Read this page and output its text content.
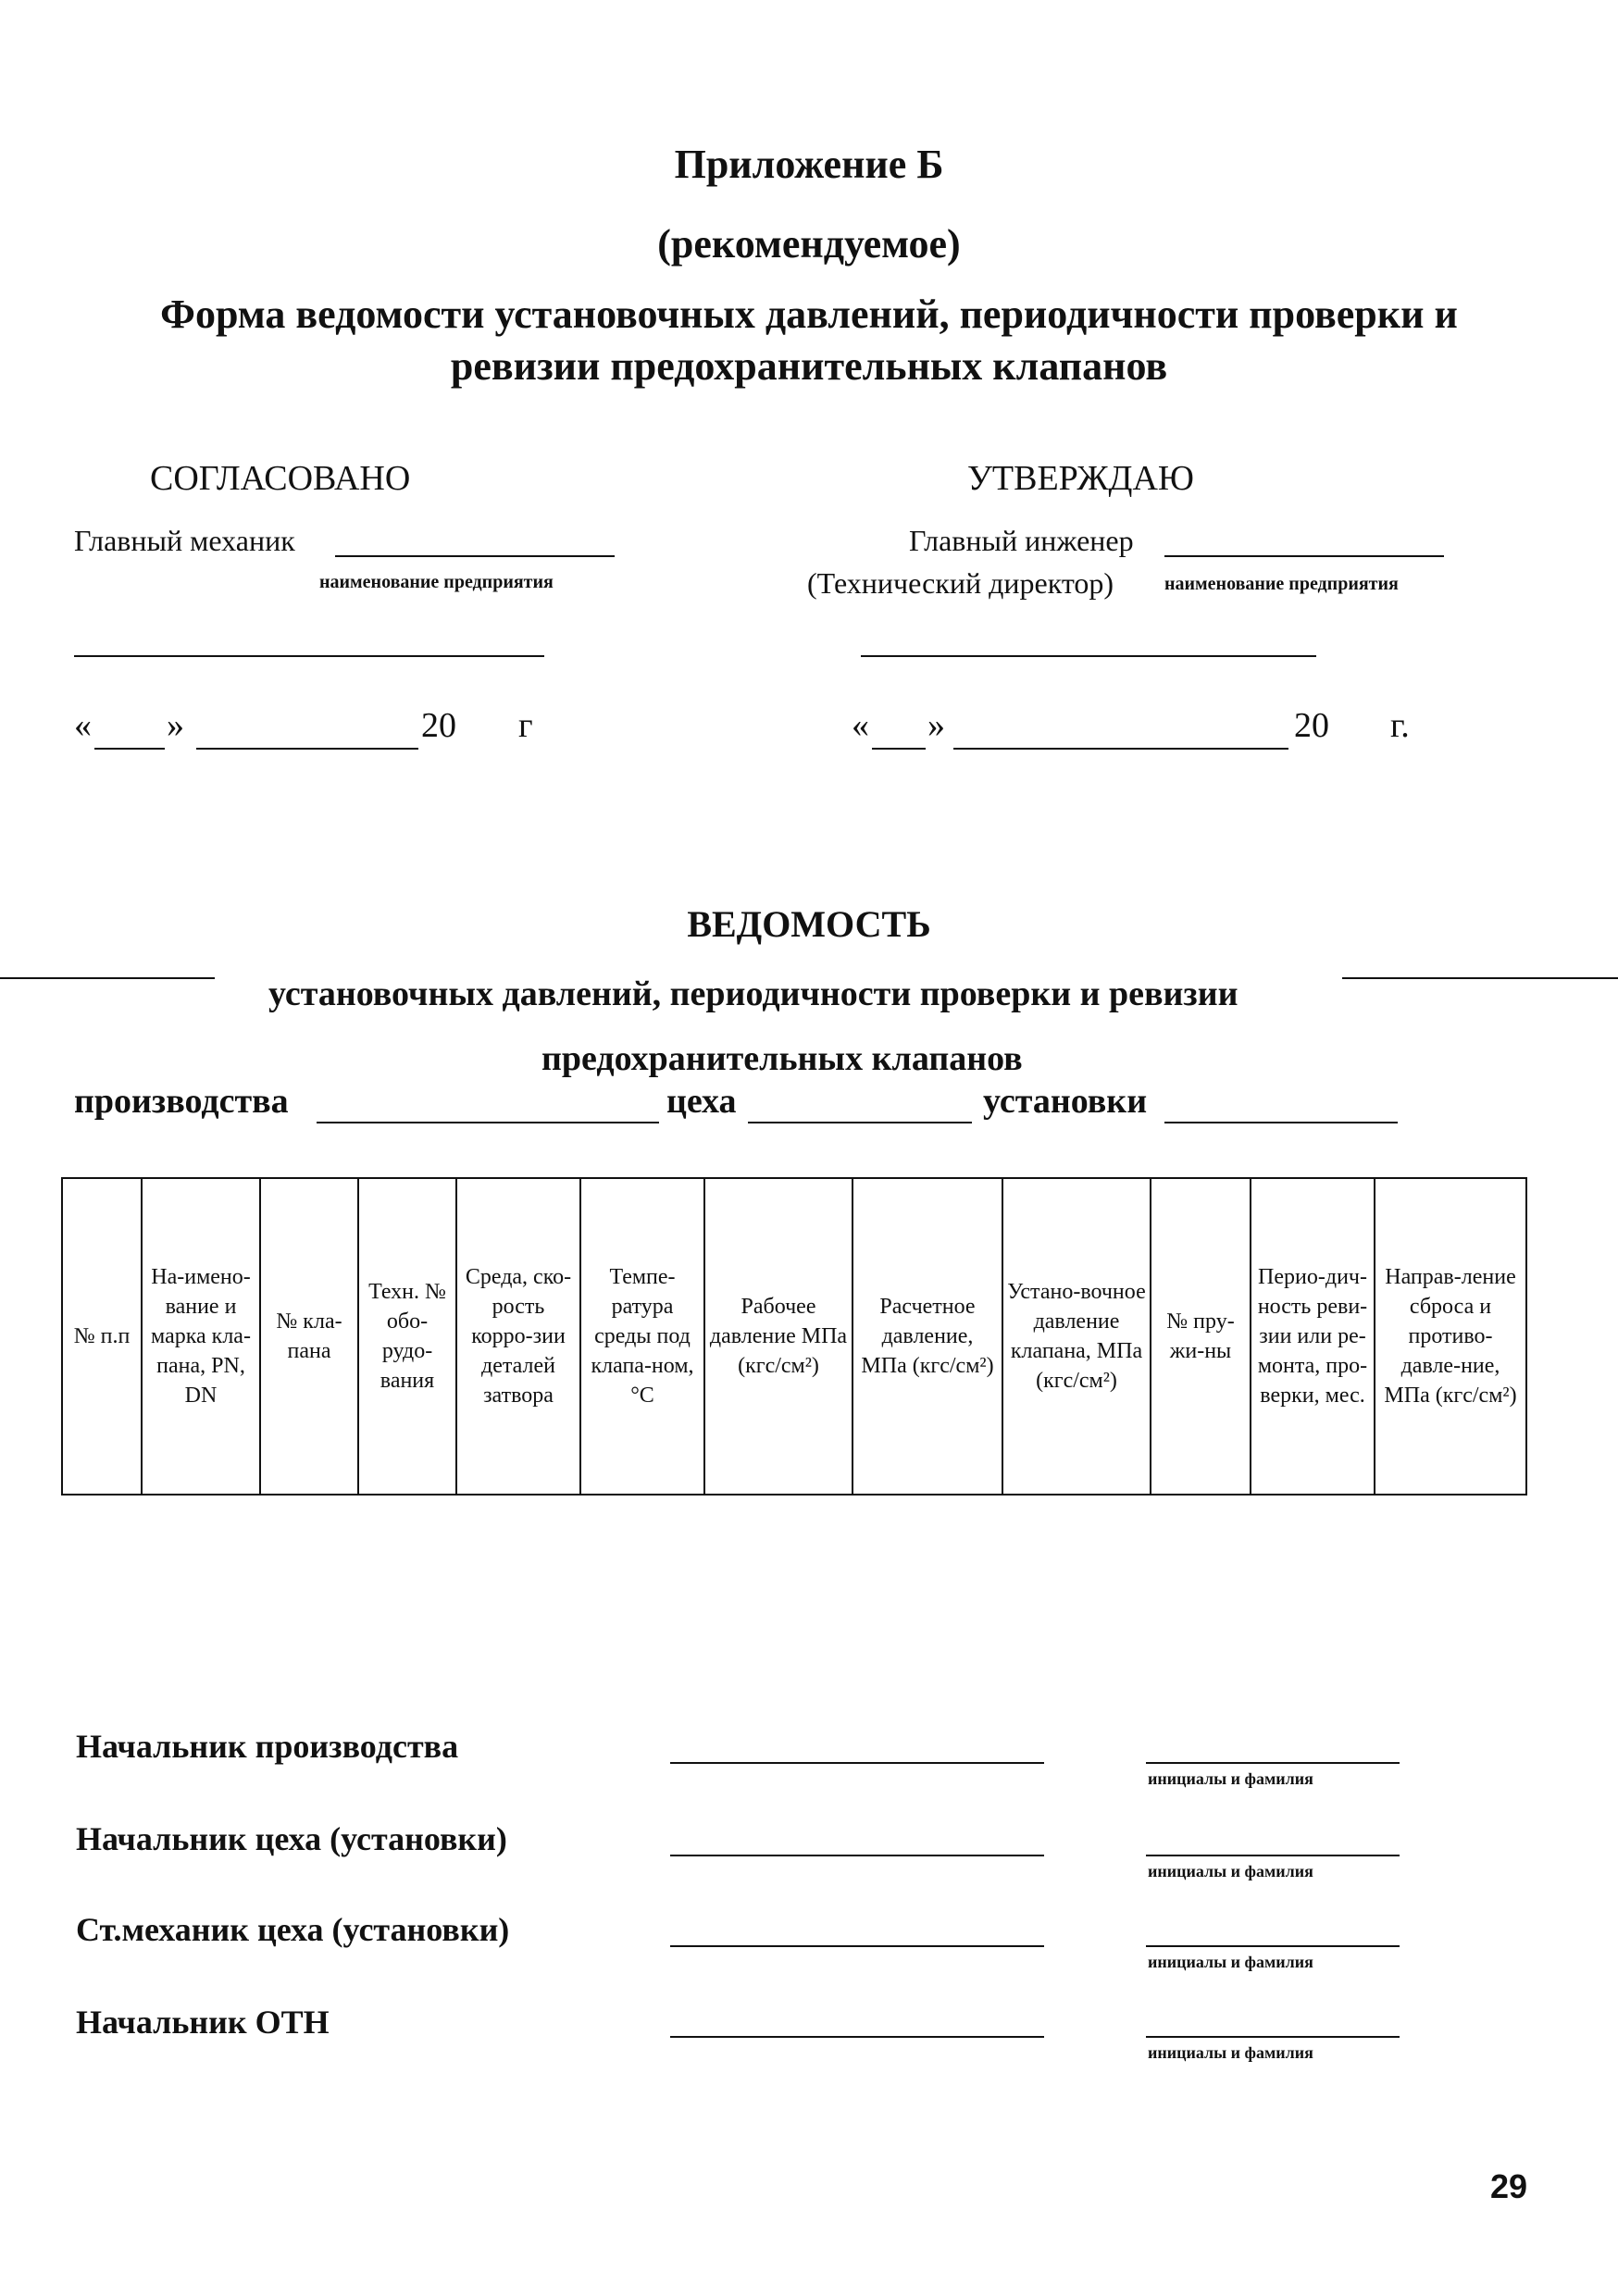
Приложение Б
(рекомендуемое)
Форма ведомости установочных давлений, периодичности проверки и
ревизии предохранительных клапанов
СОГЛАСОВАНО
Главный механик
наименование предприятия
« »	20 г
УТВЕРЖДАЮ
Главный инженер
(Технический директор)	наименование предприятия
« »	20 г.
ВЕДОМОСТЬ
установочных давлений, периодичности проверки и ревизии
предохранительных клапанов
производства	цеха	установки
№ п.п	На-имено-вание и марка кла-пана, PN, DN	№ кла-пана	Техн. № обо-рудо-вания	Среда, ско-рость корро-зии деталей затвора	Темпе-ратура среды под клапа-ном, °С	Рабочее давление МПа (кгс/см²)	Расчетное давление, МПа (кгс/см²)	Устано-вочное давление клапана, МПа (кгс/см²)	№ пру-жи-ны	Перио-дич-ность реви-зии или ре-монта, про-верки, мес.	Направ-ление сброса и противо-давле-ние, МПа (кгс/см²)
Начальник производства
инициалы и фамилия
Начальник цеха (установки)
инициалы и фамилия
Ст.механик цеха (установки)
инициалы и фамилия
Начальник ОТН
инициалы и фамилия
29
